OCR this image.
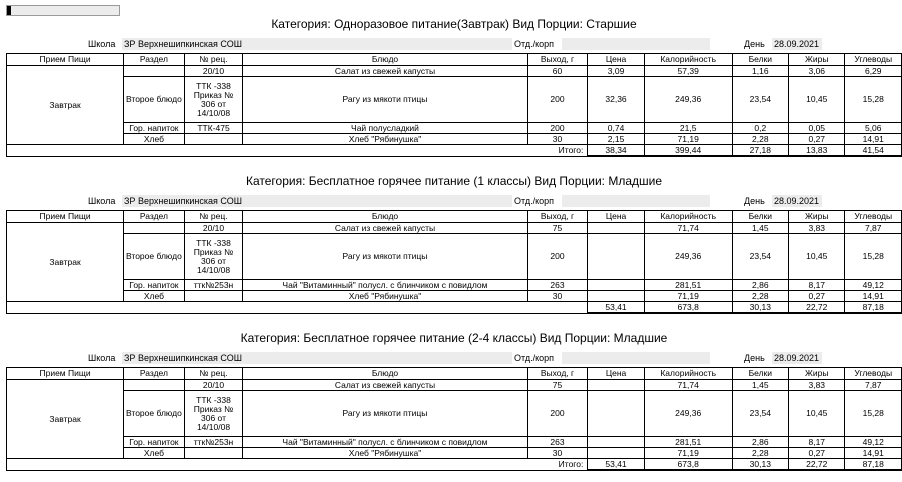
Категория: Одноразовое питание(Завтрак) Вид Порции: Старшие
Школа ЗР Верхнешипкинская СОШ	Отд./корп
	День 28.09.2021
Прием Пищи	Раздел	№ рец.	Блюдо	Выход, г	Цена	Калорийность	Белки	Жиры	Углеводы
Завтрак		20/10	Салат из свежей капусты	60	3,09	57,39	1,16	3,06	6,29
	Второе блюдо	ТТК -338 Приказ № 306 от 14/10/08	Рагу из мякоти птицы	200	32,36	249,36	23,54	10,45	15,28
	Гор. напиток	ТТК-475	Чай полусладкий	200	0,74	21,5	0,2	0,05	5,06
	Хлеб		Хлеб "Рябинушка"	30	2,15	71,19	2,28	0,27	14,91
Итого:					38,34	399,44	27,18	13,83	41,54
Категория: Бесплатное горячее питание (1 классы) Вид Порции: Младшие
Школа ЗР Верхнешипкинская СОШ	Отд./корп
	День 28.09.2021
Прием Пищи	Раздел	№ рец.	Блюдо	Выход, г	Цена	Калорийность	Белки	Жиры	Углеводы
Завтрак		20/10	Салат из свежей капусты	75		71,74	1,45	3,83	7,87
	Второе блюдо	ТТК -338 Приказ № 306 от 14/10/08	Рагу из мякоти птицы	200		249,36	23,54	10,45	15,28
	Гор. напиток	ттк№253н	Чай "Витаминный" полусл. с блинчиком с повидлом	263		281,51	2,86	8,17	49,12
	Хлеб		Хлеб "Рябинушка"	30		71,19	2,28	0,27	14,91
					53,41	673,8	30,13	22,72	87,18
Категория: Бесплатное горячее питание (2-4 классы) Вид Порции: Младшие
Школа ЗР Верхнешипкинская СОШ	Отд./корп
	День 28.09.2021
Прием Пищи	Раздел	№ рец.	Блюдо	Выход, г	Цена	Калорийность	Белки	Жиры	Углеводы
Завтрак		20/10	Салат из свежей капусты	75		71,74	1,45	3,83	7,87
	Второе блюдо	ТТК -338 Приказ № 306 от 14/10/08	Рагу из мякоти птицы	200		249,36	23,54	10,45	15,28
	Гор. напиток	ттк№253н	Чай "Витаминный" полусл. с блинчиком с повидлом	263		281,51	2,86	8,17	49,12
	Хлеб		Хлеб "Рябинушка"	30		71,19	2,28	0,27	14,91
Итого:					53,41	673,8	30,13	22,72	87,18
